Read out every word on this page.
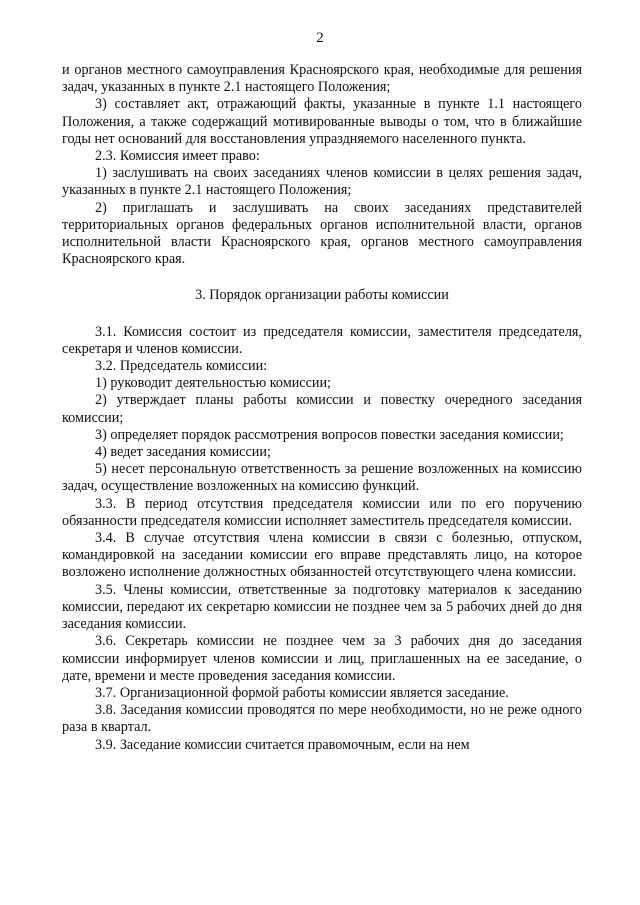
2

и органов местного самоуправления Красноярского края, необходимые для решения задач, указанных в пункте 2.1 настоящего Положения;

3) составляет акт, отражающий факты, указанные в пункте 1.1 настоящего Положения, а также содержащий мотивированные выводы о том, что в ближайшие годы нет оснований для восстановления упраздняемого населенного пункта.

2.3. Комиссия имеет право:

1) заслушивать на своих заседаниях членов комиссии в целях решения задач, указанных в пункте 2.1 настоящего Положения;

2) приглашать и заслушивать на своих заседаниях представителей территориальных органов федеральных органов исполнительной власти, органов исполнительной власти Красноярского края, органов местного самоуправления Красноярского края.

3. Порядок организации работы комиссии

3.1. Комиссия состоит из председателя комиссии, заместителя председателя, секретаря и членов комиссии.

3.2. Председатель комиссии:

1) руководит деятельностью комиссии;

2) утверждает планы работы комиссии и повестку очередного заседания комиссии;

3) определяет порядок рассмотрения вопросов повестки заседания комиссии;

4) ведет заседания комиссии;

5) несет персональную ответственность за решение возложенных на комиссию задач, осуществление возложенных на комиссию функций.

3.3. В период отсутствия председателя комиссии или по его поручению обязанности председателя комиссии исполняет заместитель председателя комиссии.

3.4. В случае отсутствия члена комиссии в связи с болезнью, отпуском, командировкой на заседании комиссии его вправе представлять лицо, на которое возложено исполнение должностных обязанностей отсутствующего члена комиссии.

3.5. Члены комиссии, ответственные за подготовку материалов к заседанию комиссии, передают их секретарю комиссии не позднее чем за 5 рабочих дней до дня заседания комиссии.

3.6. Секретарь комиссии не позднее чем за 3 рабочих дня до заседания комиссии информирует членов комиссии и лиц, приглашенных на ее заседание, о дате, времени и месте проведения заседания комиссии.

3.7. Организационной формой работы комиссии является заседание.

3.8. Заседания комиссии проводятся по мере необходимости, но не реже одного раза в квартал.

3.9. Заседание комиссии считается правомочным, если на нем
